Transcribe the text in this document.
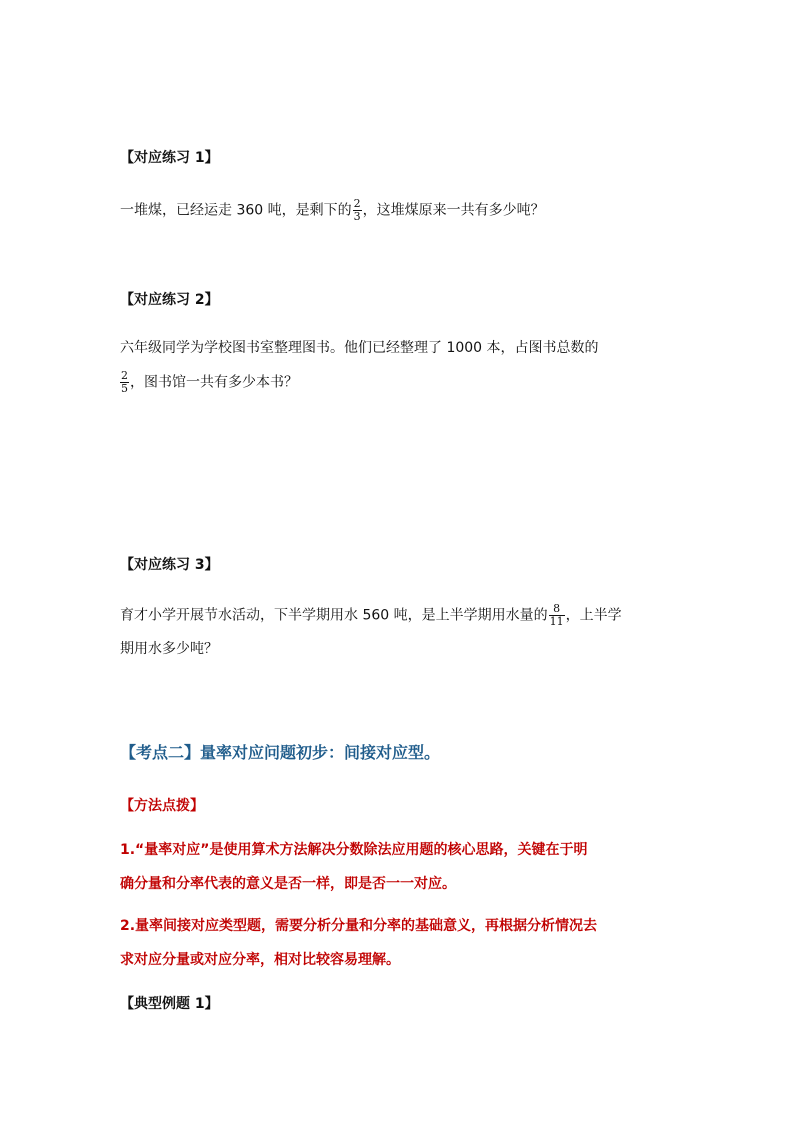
【对应练习 1】
一堆煤，已经运走 360 吨，是剩下的 $\frac{2}{3}$ ，这堆煤原来一共有多少吨？
【对应练习 2】
六年级同学为学校图书室整理图书。他们已经整理了 1000 本，占图书总数的
$\frac{2}{5}$ ，图书馆一共有多少本书？
【对应练习 3】
育才小学开展节水活动，下半学期用水 560 吨，是上半学期用水量的 $\frac{8}{11}$ ，上半学
期用水多少吨？
【考点二】量率对应问题初步：间接对应型。
【方法点拨】
1.“量率对应”是使用算术方法解决分数除法应用题的核心思路，关键在于明
确分量和分率代表的意义是否一样，即是否一一对应。
2.量率间接对应类型题，需要分析分量和分率的基础意义，再根据分析情况去
求对应分量或对应分率，相对比较容易理解。
【典型例题 1】
